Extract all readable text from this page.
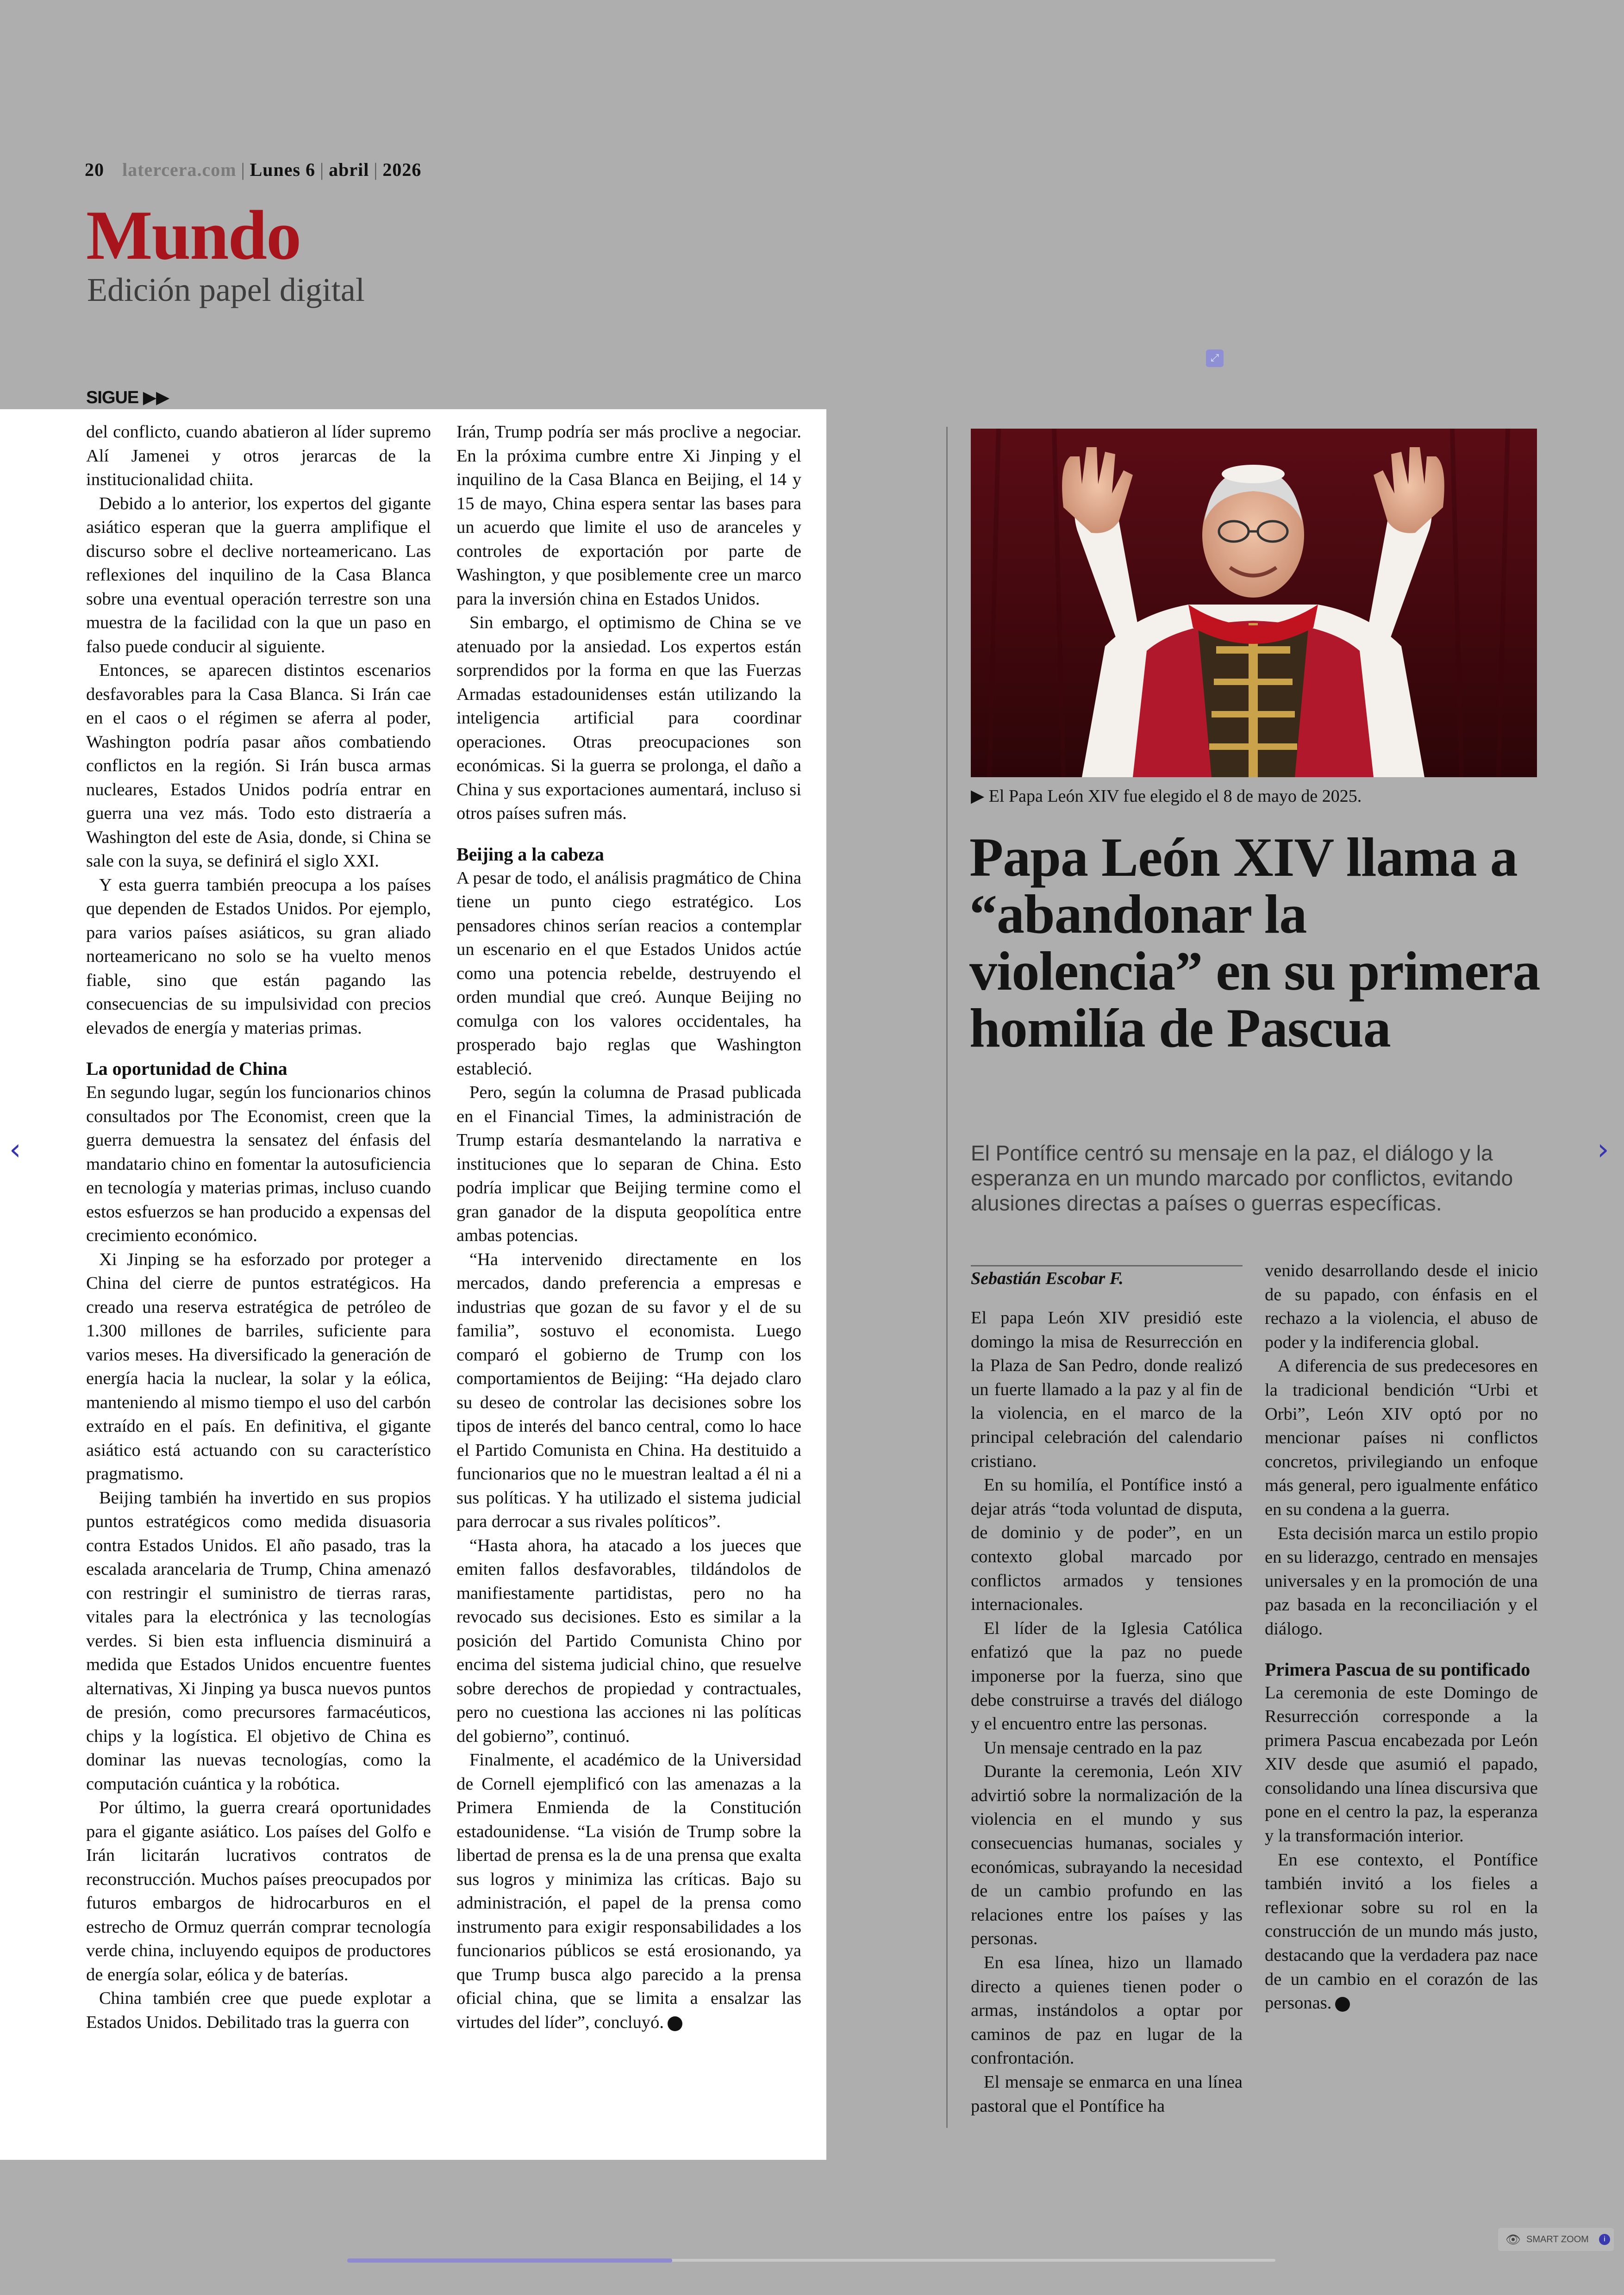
20 latercera.com | Lunes 6 | abril | 2026
Mundo
Edición papel digital
SIGUE ▶▶
⤢

del conflicto, cuando abatieron al líder supremo Alí Jamenei y otros jerarcas de la institucionalidad chiita.

Debido a lo anterior, los expertos del gigante asiático esperan que la guerra amplifique el discurso sobre el declive norteamericano. Las reflexiones del inquilino de la Casa Blanca sobre una eventual operación terrestre son una muestra de la facilidad con la que un paso en falso puede conducir al siguiente.

Entonces, se aparecen distintos escenarios desfavorables para la Casa Blanca. Si Irán cae en el caos o el régimen se aferra al poder, Washington podría pasar años combatiendo conflictos en la región. Si Irán busca armas nucleares, Estados Unidos podría entrar en guerra una vez más. Todo esto distraería a Washington del este de Asia, donde, si China se sale con la suya, se definirá el siglo XXI.

Y esta guerra también preocupa a los países que dependen de Estados Unidos. Por ejemplo, para varios países asiáticos, su gran aliado norteamericano no solo se ha vuelto menos fiable, sino que están pagando las consecuencias de su impulsividad con precios elevados de energía y materias primas.

La oportunidad de China

En segundo lugar, según los funcionarios chinos consultados por The Economist, creen que la guerra demuestra la sensatez del énfasis del mandatario chino en fomentar la autosuficiencia en tecnología y materias primas, incluso cuando estos esfuerzos se han producido a expensas del crecimiento económico.

Xi Jinping se ha esforzado por proteger a China del cierre de puntos estratégicos. Ha creado una reserva estratégica de petróleo de 1.300 millones de barriles, suficiente para varios meses. Ha diversificado la generación de energía hacia la nuclear, la solar y la eólica, manteniendo al mismo tiempo el uso del carbón extraído en el país. En definitiva, el gigante asiático está actuando con su característico pragmatismo.

Beijing también ha invertido en sus propios puntos estratégicos como medida disuasoria contra Estados Unidos. El año pasado, tras la escalada arancelaria de Trump, China amenazó con restringir el suministro de tierras raras, vitales para la electrónica y las tecnologías verdes. Si bien esta influencia disminuirá a medida que Estados Unidos encuentre fuentes alternativas, Xi Jinping ya busca nuevos puntos de presión, como precursores farmacéuticos, chips y la logística. El objetivo de China es dominar las nuevas tecnologías, como la computación cuántica y la robótica.

Por último, la guerra creará oportunidades para el gigante asiático. Los países del Golfo e Irán licitarán lucrativos contratos de reconstrucción. Muchos países preocupados por futuros embargos de hidrocarburos en el estrecho de Ormuz querrán comprar tecnología verde china, incluyendo equipos de productores de energía solar, eólica y de baterías.

China también cree que puede explotar a Estados Unidos. Debilitado tras la guerra con

Irán, Trump podría ser más proclive a negociar. En la próxima cumbre entre Xi Jinping y el inquilino de la Casa Blanca en Beijing, el 14 y 15 de mayo, China espera sentar las bases para un acuerdo que limite el uso de aranceles y controles de exportación por parte de Washington, y que posiblemente cree un marco para la inversión china en Estados Unidos.

Sin embargo, el optimismo de China se ve atenuado por la ansiedad. Los expertos están sorprendidos por la forma en que las Fuerzas Armadas estadounidenses están utilizando la inteligencia artificial para coordinar operaciones. Otras preocupaciones son económicas. Si la guerra se prolonga, el daño a China y sus exportaciones aumentará, incluso si otros países sufren más.

Beijing a la cabeza

A pesar de todo, el análisis pragmático de China tiene un punto ciego estratégico. Los pensadores chinos serían reacios a contemplar un escenario en el que Estados Unidos actúe como una potencia rebelde, destruyendo el orden mundial que creó. Aunque Beijing no comulga con los valores occidentales, ha prosperado bajo reglas que Washington estableció.

Pero, según la columna de Prasad publicada en el Financial Times, la administración de Trump estaría desmantelando la narrativa e instituciones que lo separan de China. Esto podría implicar que Beijing termine como el gran ganador de la disputa geopolítica entre ambas potencias.

“Ha intervenido directamente en los mercados, dando preferencia a empresas e industrias que gozan de su favor y el de su familia”, sostuvo el economista. Luego comparó el gobierno de Trump con los comportamientos de Beijing: “Ha dejado claro su deseo de controlar las decisiones sobre los tipos de interés del banco central, como lo hace el Partido Comunista en China. Ha destituido a funcionarios que no le muestran lealtad a él ni a sus políticas. Y ha utilizado el sistema judicial para derrocar a sus rivales políticos”.

“Hasta ahora, ha atacado a los jueces que emiten fallos desfavorables, tildándolos de manifiestamente partidistas, pero no ha revocado sus decisiones. Esto es similar a la posición del Partido Comunista Chino por encima del sistema judicial chino, que resuelve sobre derechos de propiedad y contractuales, pero no cuestiona las acciones ni las políticas del gobierno”, continuó.

Finalmente, el académico de la Universidad de Cornell ejemplificó con las amenazas a la Primera Enmienda de la Constitución estadounidense. “La visión de Trump sobre la libertad de prensa es la de una prensa que exalta sus logros y minimiza las críticas. Bajo su administración, el papel de la prensa como instrumento para exigir responsabilidades a los funcionarios públicos se está erosionando, ya que Trump busca algo parecido a la prensa oficial china, que se limita a ensalzar las virtudes del líder”, concluyó.

▶ El Papa León XIV fue elegido el 8 de mayo de 2025.
Papa León XIV llama a “abandonar la violencia” en su primera homilía de Pascua
El Pontífice centró su mensaje en la paz, el diálogo y la esperanza en un mundo marcado por conflictos, evitando alusiones directas a países o guerras específicas.
Sebastián Escobar F.

El papa León XIV presidió este domingo la misa de Resurrección en la Plaza de San Pedro, donde realizó un fuerte llamado a la paz y al fin de la violencia, en el marco de la principal celebración del calendario cristiano.

En su homilía, el Pontífice instó a dejar atrás “toda voluntad de disputa, de dominio y de poder”, en un contexto global marcado por conflictos armados y tensiones internacionales.

El líder de la Iglesia Católica enfatizó que la paz no puede imponerse por la fuerza, sino que debe construirse a través del diálogo y el encuentro entre las personas.

Un mensaje centrado en la paz

Durante la ceremonia, León XIV advirtió sobre la normalización de la violencia en el mundo y sus consecuencias humanas, sociales y económicas, subrayando la necesidad de un cambio profundo en las relaciones entre los países y las personas.

En esa línea, hizo un llamado directo a quienes tienen poder o armas, instándolos a optar por caminos de paz en lugar de la confrontación.

El mensaje se enmarca en una línea pastoral que el Pontífice ha

venido desarrollando desde el inicio de su papado, con énfasis en el rechazo a la violencia, el abuso de poder y la indiferencia global.

A diferencia de sus predecesores en la tradicional bendición “Urbi et Orbi”, León XIV optó por no mencionar países ni conflictos concretos, privilegiando un enfoque más general, pero igualmente enfático en su condena a la guerra.

Esta decisión marca un estilo propio en su liderazgo, centrado en mensajes universales y en la promoción de una paz basada en la reconciliación y el diálogo.

Primera Pascua de su pontificado

La ceremonia de este Domingo de Resurrección corresponde a la primera Pascua encabezada por León XIV desde que asumió el papado, consolidando una línea discursiva que pone en el centro la paz, la esperanza y la transformación interior.

En ese contexto, el Pontífice también invitó a los fieles a reflexionar sobre su rol en la construcción de un mundo más justo, destacando que la verdadera paz nace de un cambio en el corazón de las personas.

‹	›
👁 SMART ZOOM	i
